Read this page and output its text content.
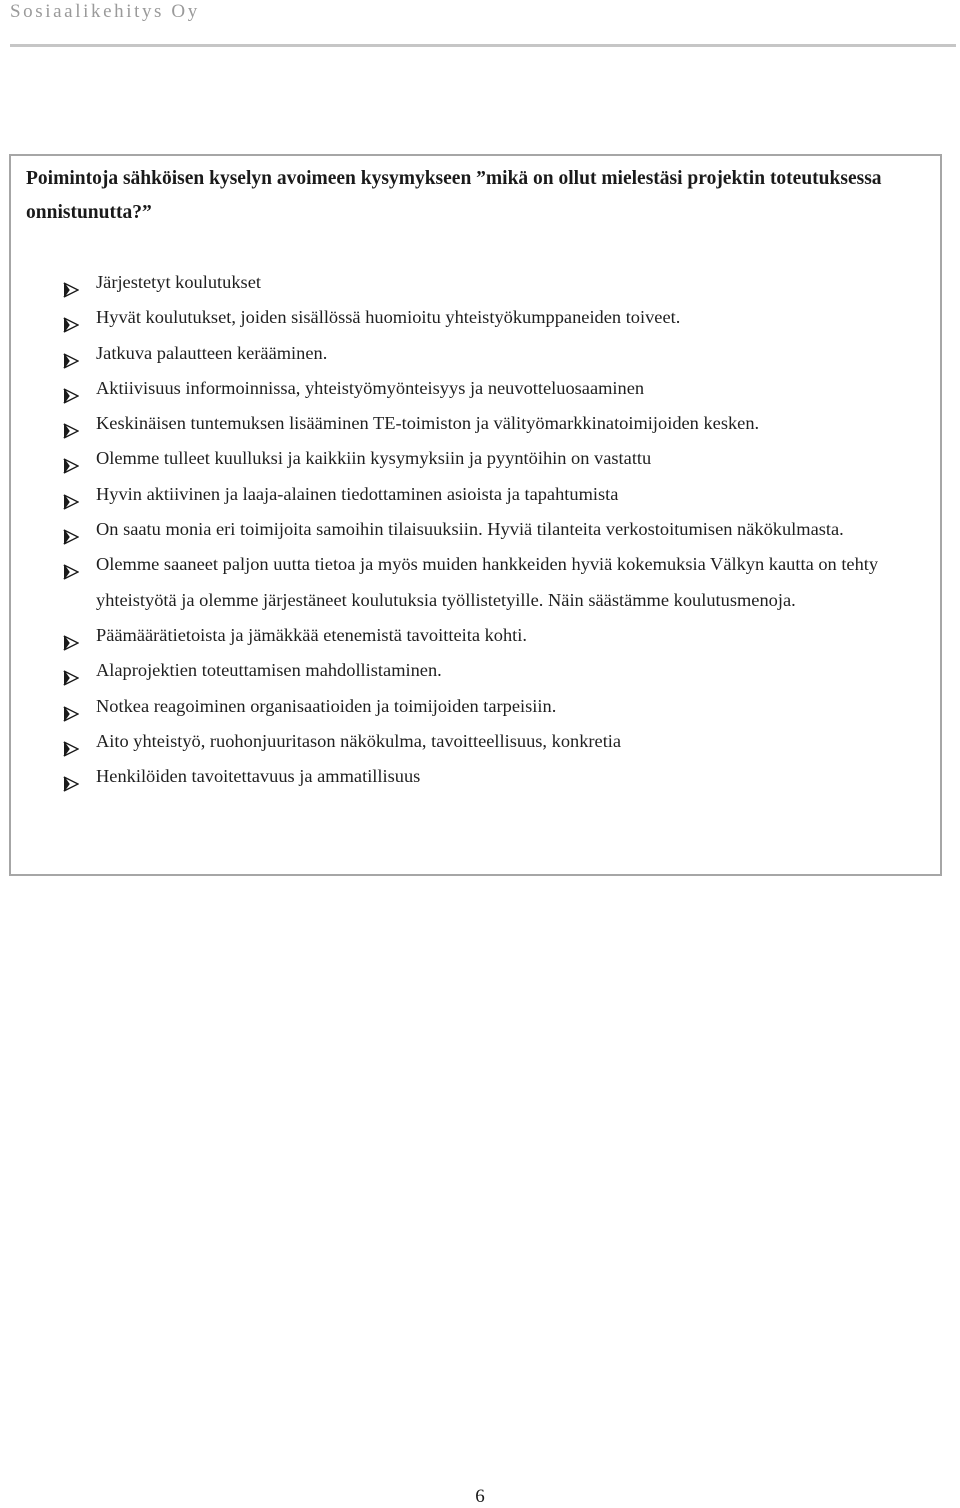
Sosiaalikehitys Oy

Poimintoja sähköisen kyselyn avoimeen kysymykseen ”mikä on ollut mielestäsi projektin toteutuksessa onnistunutta?”

Järjestetyt koulutukset
Hyvät koulutukset, joiden sisällössä huomioitu yhteistyökumppaneiden toiveet.
Jatkuva palautteen kerääminen.
Aktiivisuus informoinnissa, yhteistyömyönteisyys ja neuvotteluosaaminen
Keskinäisen tuntemuksen lisääminen TE-toimiston ja välityömarkkinatoimijoiden kesken.
Olemme tulleet kuulluksi ja kaikkiin kysymyksiin ja pyyntöihin on vastattu
Hyvin aktiivinen ja laaja-alainen tiedottaminen asioista ja tapahtumista
On saatu monia eri toimijoita samoihin tilaisuuksiin. Hyviä tilanteita verkostoitumisen näkökulmasta.
Olemme saaneet paljon uutta tietoa ja myös muiden hankkeiden hyviä kokemuksia Välkyn kautta on tehty yhteistyötä ja olemme järjestäneet koulutuksia työllistetyille. Näin säästämme koulutusmenoja.
Päämäärätietoista ja jämäkkää etenemistä tavoitteita kohti.
Alaprojektien toteuttamisen mahdollistaminen.
Notkea reagoiminen organisaatioiden ja toimijoiden tarpeisiin.
Aito yhteistyö, ruohonjuuritason näkökulma, tavoitteellisuus, konkretia
Henkilöiden tavoitettavuus ja ammatillisuus
6
